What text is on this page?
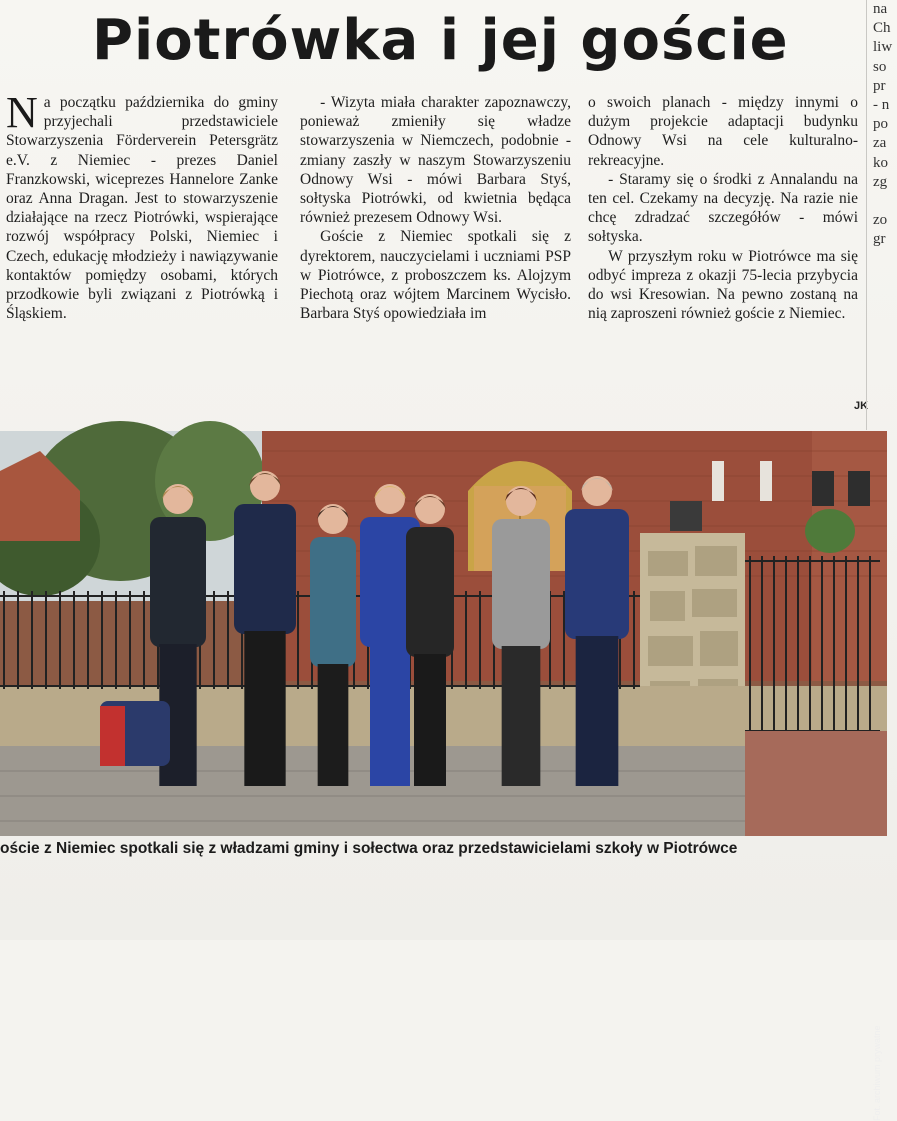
Piotrówka i jej goście

Na początku października do gminy przyjechali przedstawiciele Stowarzyszenia Förderverein Petersgrätz e.V. z Niemiec - prezes Daniel Franzkowski, wiceprezes Hannelore Zanke oraz Anna Dragan. Jest to stowarzyszenie działające na rzecz Piotrówki, wspierające rozwój współpracy Polski, Niemiec i Czech, edukację młodzieży i nawiązywanie kontaktów pomiędzy osobami, których przodkowie byli związani z Piotrówką i Śląskiem.

- Wizyta miała charakter zapoznawczy, ponieważ zmieniły się władze stowarzyszenia w Niemczech, podobnie - zmiany zaszły w naszym Stowarzyszeniu Odnowy Wsi - mówi Barbara Styś, sołtyska Piotrówki, od kwietnia będąca również prezesem Odnowy Wsi.

Goście z Niemiec spotkali się z dyrektorem, nauczycielami i uczniami PSP w Piotrówce, z proboszczem ks. Alojzym Piechotą oraz wójtem Marcinem Wycisło. Barbara Styś opowiedziała im

o swoich planach - między innymi o dużym projekcie adaptacji budynku Odnowy Wsi na cele kulturalno-rekreacyjne.

- Staramy się o środki z Annalandu na ten cel. Czekamy na decyzję. Na razie nie chcę zdradzać szczegółów - mówi sołtyska.

W przyszłym roku w Piotrówce ma się odbyć impreza z okazji 75-lecia przybycia do wsi Kresowian. Na pewno zostaną na nią zaproszeni również goście z Niemiec.

JK
na
Ch
liw
so
pr
- n
po
za
ko
zg

zo
gr
Fot. archiwum prywatne
oście z Niemiec spotkali się z władzami gminy i sołectwa oraz przedstawicielami szkoły w Piotrówce
